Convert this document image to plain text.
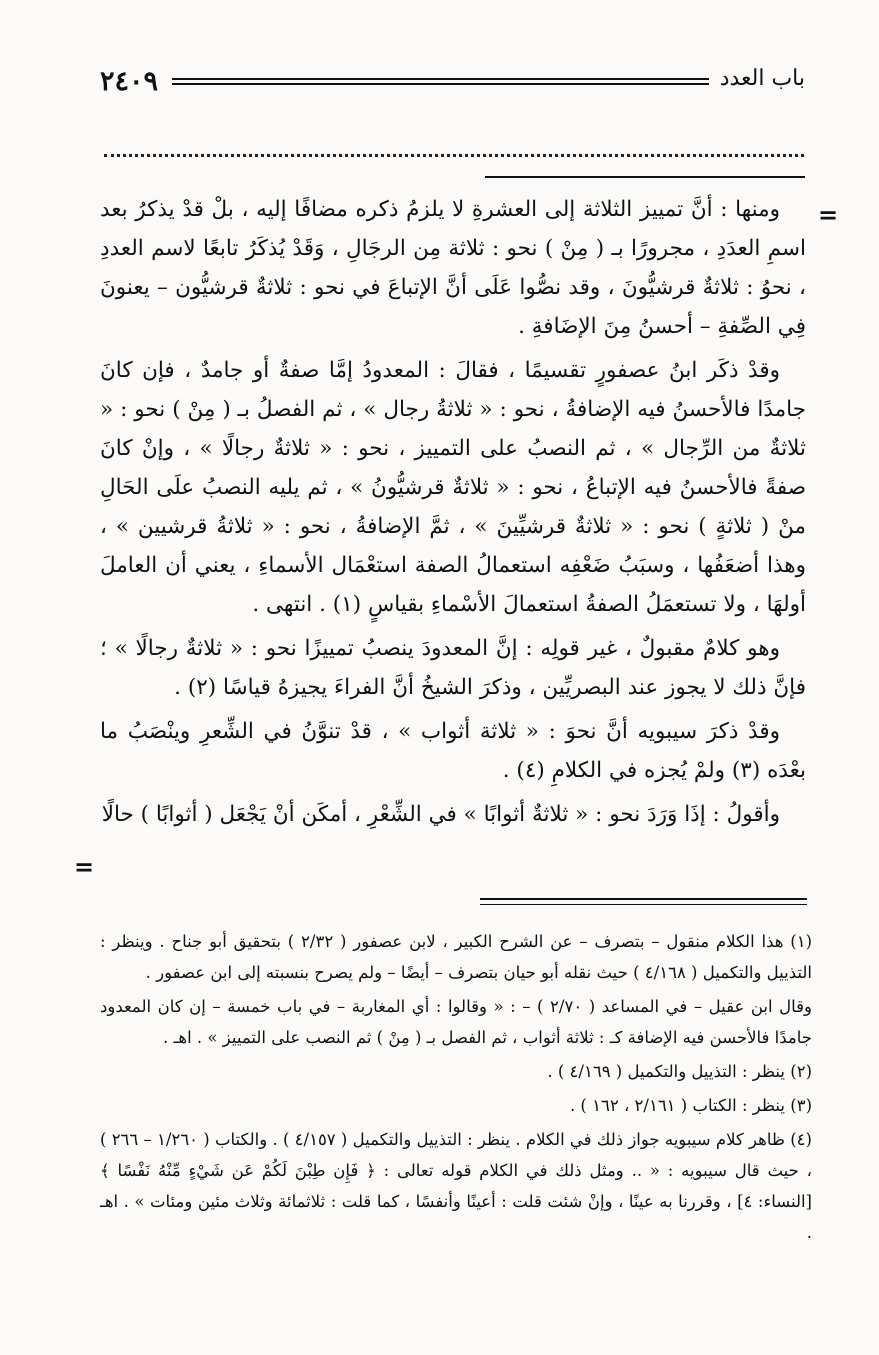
٢٤٠٩	باب العدد
=

ومنها : أنَّ تمييز الثلاثة إلى العشرةِ لا يلزمُ ذكره مضافًا إليه ، بلْ قدْ يذكرُ بعد اسمِ العدَدِ ، مجرورًا بـ ( مِنْ ) نحو : ثلاثة مِن الرجَالِ ، وَقَدْ يُذكَرُ تابعًا لاسم العددِ ، نحوُ : ثلاثةٌ قرشيُّونَ ، وقد نصُّوا عَلَى أنَّ الإتباعَ في نحو : ثلاثةٌ قرشيُّون – يعنونَ فِي الصِّفةِ – أحسنُ مِنَ الإضَافةِ .

وقدْ ذكَر ابنُ عصفورٍ تقسيمًا ، فقالَ : المعدودُ إمَّا صفةٌ أو جامدٌ ، فإن كانَ جامدًا فالأحسنُ فيه الإضافةُ ، نحو : « ثلاثةُ رجال » ، ثم الفصلُ بـ ( مِنْ ) نحو : « ثلاثةٌ من الرِّجال » ، ثم النصبُ على التمييز ، نحو : « ثلاثةٌ رجالًا » ، وإنْ كانَ صفةً فالأحسنُ فيه الإتباعُ ، نحو : « ثلاثةٌ قرشيُّونُ » ، ثم يليه النصبُ علَى الحَالِ منْ ( ثلاثةٍ ) نحو : « ثلاثةٌ قرشيِّينَ » ، ثمَّ الإضافةُ ، نحو : « ثلاثةُ قرشيين » ، وهذا أضعَفُها ، وسبَبُ ضَعْفِه استعمالُ الصفة استعْمَال الأسماءِ ، يعني أن العاملَ أولهَا ، ولا تستعمَلُ الصفةُ استعمالَ الأسْماءِ بقياسٍ (١) . انتهى .

وهو كلامٌ مقبولٌ ، غير قولِه : إنَّ المعدودَ ينصبُ تمييزًا نحو : « ثلاثةٌ رجالًا » ؛ فإنَّ ذلك لا يجوز عند البصريِّين ، وذكرَ الشيخُ أنَّ الفراءَ يجيزهُ قياسًا (٢) .

وقدْ ذكرَ سيبويه أنَّ نحوَ : « ثلاثة أثواب » ، قدْ تنوَّنُ في الشِّعرِ وينْصَبُ ما بعْدَه (٣) ولمْ يُجزه في الكلامِ (٤) .

وأقولُ : إذَا وَرَدَ نحو : « ثلاثةٌ أثوابًا » في الشِّعْرِ ، أمكَن أنْ يَجْعَل ( أثوابًا ) حالًا

=

(١) هذا الكلام منقول – بتصرف – عن الشرح الكبير ، لابن عصفور ( ٢/٣٢ ) بتحقيق أبو جناح . وينظر : التذييل والتكميل ( ٤/١٦٨ ) حيث نقله أبو حيان بتصرف – أيضًا – ولم يصرح بنسبته إلى ابن عصفور .

وقال ابن عقيل – في المساعد ( ٢/٧٠ ) – : « وقالوا : أي المغاربة – في باب خمسة – إن كان المعدود جامدًا فالأحسن فيه الإضافة كـ : ثلاثة أثواب ، ثم الفصل بـ ( مِنْ ) ثم النصب على التمييز » . اهـ .

(٢) ينظر : التذييل والتكميل ( ٤/١٦٩ ) .

(٣) ينظر : الكتاب ( ٢/١٦١ ، ١٦٢ ) .

(٤) ظاهر كلام سيبويه جواز ذلك في الكلام . ينظر : التذييل والتكميل ( ٤/١٥٧ ) . والكتاب ( ١/٢٦٠ – ٢٦٦ ) ، حيث قال سيبويه : « .. ومثل ذلك في الكلام قوله تعالى : ﴿ فَإِن طِبْنَ لَكُمْ عَن شَيْءٍ مِّنْهُ نَفْسًا ﴾ [النساء: ٤] ، وقررنا به عينًا ، وإنْ شئت قلت : أعينًا وأنفسًا ، كما قلت : ثلاثمائة وثلاث مئين ومئات » . اهـ .
